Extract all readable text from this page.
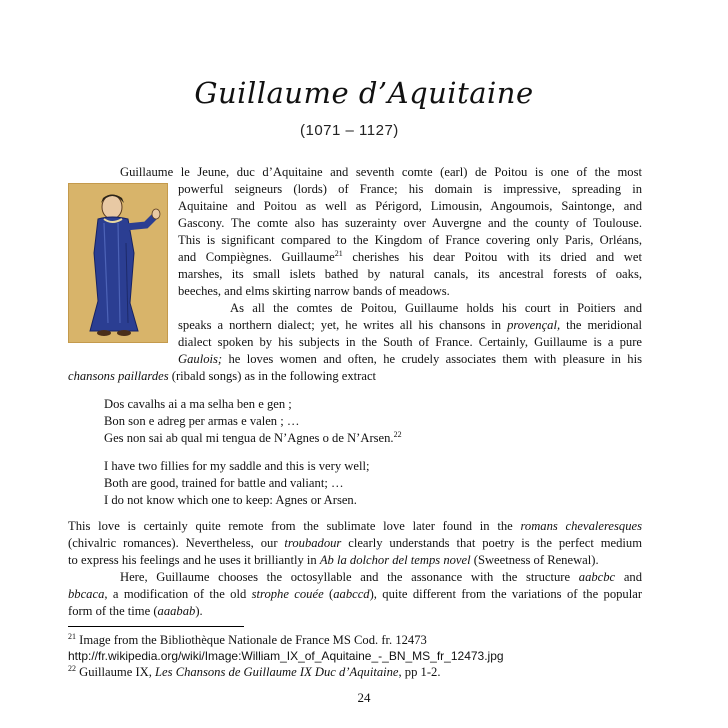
Guillaume d’Aquitaine
(1071 – 1127)
Guillaume le Jeune, duc d’Aquitaine and seventh comte (earl) de Poitou is one of the most
powerful seigneurs (lords) of France; his domain is impressive, spreading in
Aquitaine and Poitou as well as Périgord, Limousin, Angoumois, Saintonge, and
Gascony. The comte also has suzerainty over Auvergne and the county of Toulouse.
This is significant compared to the Kingdom of France covering only Paris, Orléans,
and Compiègnes. Guillaume$^{21}$ cherishes his dear Poitou with its dried and wet
marshes, its small islets bathed by natural canals, its ancestral forests of oaks,
beeches, and elms skirting narrow bands of meadows.
As all the comtes de Poitou, Guillaume holds his court in Poitiers and
speaks a northern dialect; yet, he writes all his chansons in provençal, the meridional
dialect spoken by his subjects in the South of France. Certainly, Guillaume is a pure
Gaulois; he loves women and often, he crudely associates them with pleasure in his
chansons paillardes (ribald songs) as in the following extract
Dos cavalhs ai a ma selha ben e gen ;
Bon son e adreg per armas e valen ; …
Ges non sai ab qual mi tengua de N’Agnes o de N’Arsen.$^{22}$
I have two fillies for my saddle and this is very well;
Both are good, trained for battle and valiant; …
I do not know which one to keep: Agnes or Arsen.
This love is certainly quite remote from the sublimate love later found in the romans chevaleresques
(chivalric romances). Nevertheless, our troubadour clearly understands that poetry is the perfect medium
to express his feelings and he uses it brilliantly in Ab la dolchor del temps novel (Sweetness of Renewal).
Here, Guillaume chooses the octosyllable and the assonance with the structure aabcbc and
bbcaca, a modification of the old strophe couée (aabccd), quite different from the variations of the popular
form of the time (aaabab).
$^{21}$ Image from the Bibliothèque Nationale de France MS Cod. fr. 12473
http://fr.wikipedia.org/wiki/Image:William_IX_of_Aquitaine_-_BN_MS_fr_12473.jpg
$^{22}$ Guillaume IX, Les Chansons de Guillaume IX Duc d’Aquitaine, pp 1-2.
24
